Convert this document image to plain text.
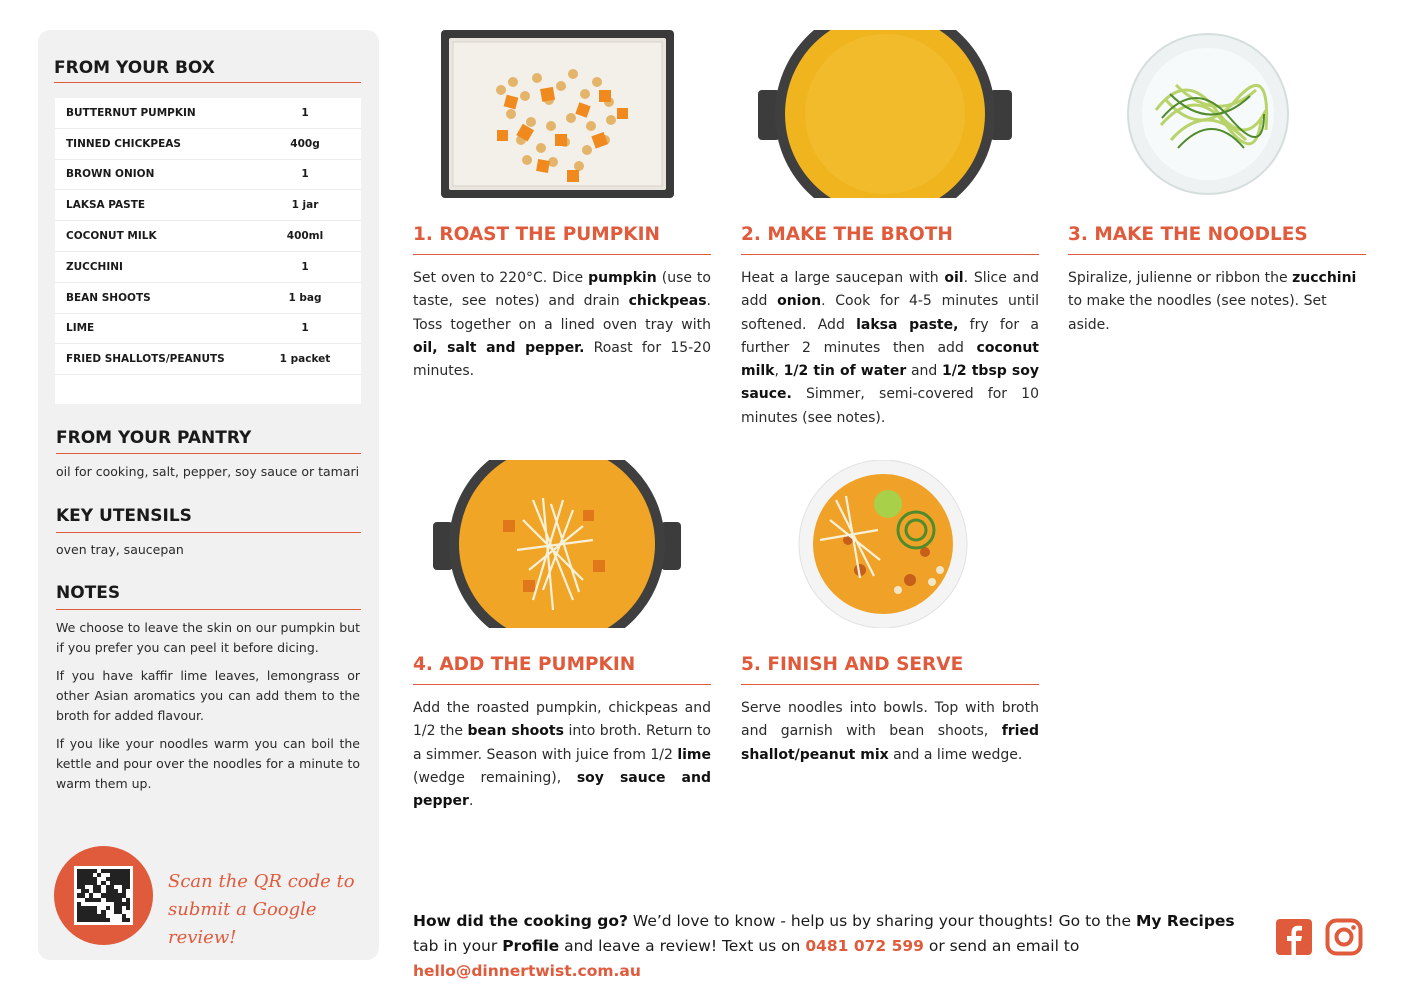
FROM YOUR BOX
BUTTERNUT PUMPKIN	1
TINNED CHICKPEAS	400g
BROWN ONION	1
LAKSA PASTE	1 jar
COCONUT MILK	400ml
ZUCCHINI	1
BEAN SHOOTS	1 bag
LIME	1
FRIED SHALLOTS/PEANUTS	1 packet
FROM YOUR PANTRY
oil for cooking, salt, pepper, soy sauce or tamari
KEY UTENSILS
oven tray, saucepan
NOTES
We choose to leave the skin on our pumpkin but if you prefer you can peel it before dicing.
If you have kaffir lime leaves, lemongrass or other Asian aromatics you can add them to the broth for added flavour.
If you like your noodles warm you can boil the kettle and pour over the noodles for a minute to warm them up.
Scan the QR code to
submit a Google review!
1. ROAST THE PUMPKIN
Set oven to 220°C. Dice pumpkin (use to taste, see notes) and drain chickpeas. Toss together on a lined oven tray with oil, salt and pepper. Roast for 15-20 minutes.
2. MAKE THE BROTH
Heat a large saucepan with oil. Slice and add onion. Cook for 4-5 minutes until softened. Add laksa paste, fry for a further 2 minutes then add coconut milk, 1/2 tin of water and 1/2 tbsp soy sauce. Simmer, semi-covered for 10 minutes (see notes).
3. MAKE THE NOODLES
Spiralize, julienne or ribbon the zucchini to make the noodles (see notes). Set aside.
4. ADD THE PUMPKIN
Add the roasted pumpkin, chickpeas and 1/2 the bean shoots into broth. Return to a simmer. Season with juice from 1/2 lime (wedge remaining), soy sauce and pepper.
5. FINISH AND SERVE
Serve noodles into bowls. Top with broth and garnish with bean shoots, fried shallot/peanut mix and a lime wedge.
How did the cooking go? We’d love to know - help us by sharing your thoughts! Go to the My Recipes tab in your Profile and leave a review! Text us on 0481 072 599 or send an email to hello@dinnertwist.com.au
